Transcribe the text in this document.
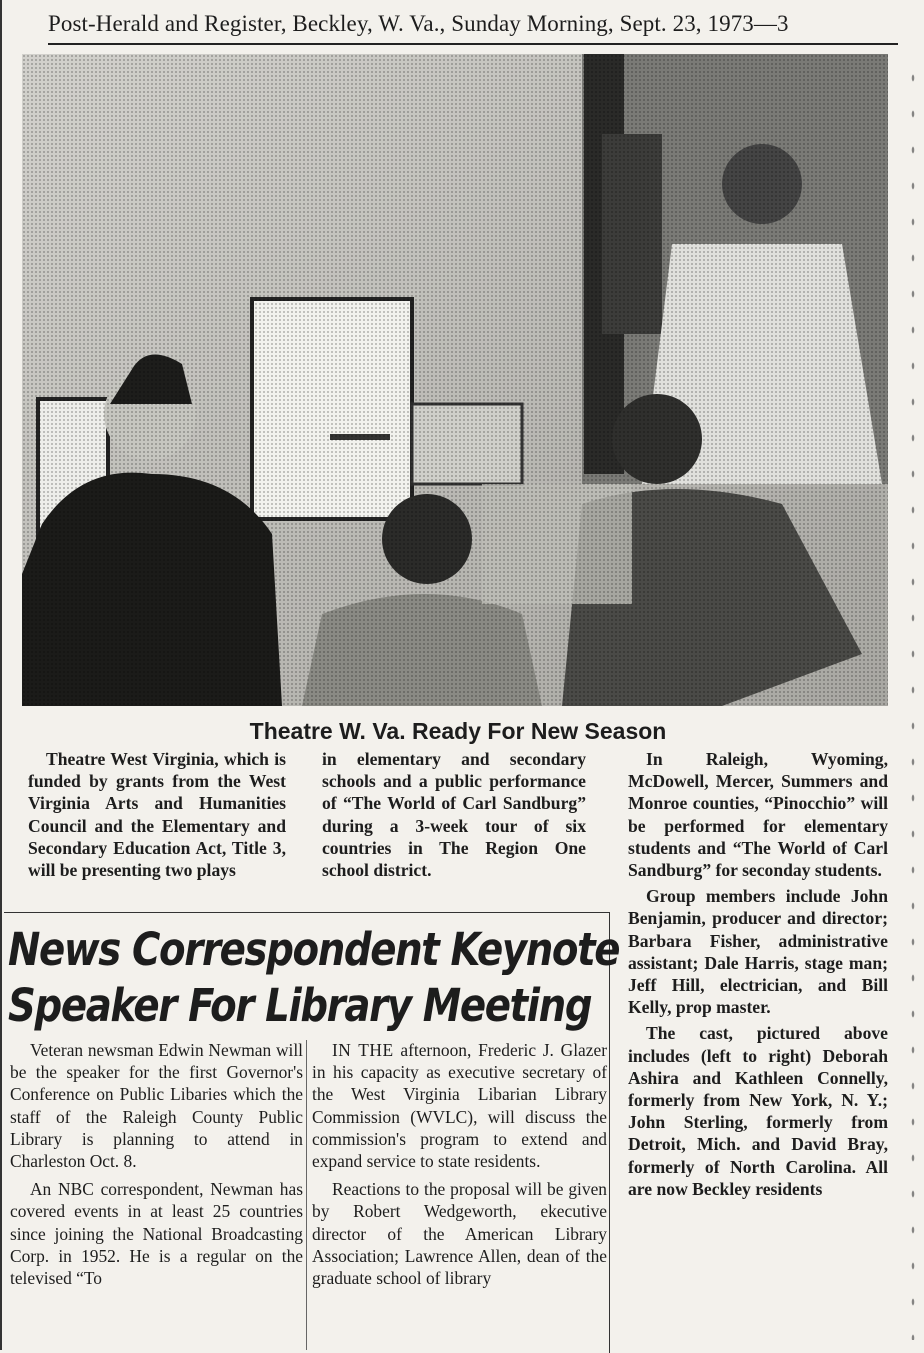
Post-Herald and Register, Beckley, W. Va., Sunday Morning, Sept. 23, 1973—3
Theatre W. Va. Ready For New Season

Theatre West Virginia, which is funded by grants from the West Virginia Arts and Humanities Council and the Elementary and Secondary Education Act, Title 3, will be presenting two plays

in elementary and secondary schools and a public performance of “The World of Carl Sandburg” during a 3-week tour of six countries in The Region One school district.

In Raleigh, Wyoming, McDowell, Mercer, Summers and Monroe counties, “Pinocchio” will be performed for elementary students and “The World of Carl Sandburg” for seconday students.

Group members include John Benjamin, producer and director; Barbara Fisher, administrative assistant; Dale Harris, stage man; Jeff Hill, electrician, and Bill Kelly, prop master.

The cast, pictured above includes (left to right) Deborah Ashira and Kathleen Connelly, formerly from New York, N. Y.; John Sterling, formerly from Detroit, Mich. and David Bray, formerly of North Carolina. All are now Beckley residents

News Correspondent Keynote
Speaker For Library Meeting

Veteran newsman Edwin Newman will be the speaker for the first Governor's Conference on Public Libaries which the staff of the Raleigh County Public Library is planning to attend in Charleston Oct. 8.

An NBC correspondent, Newman has covered events in at least 25 countries since joining the National Broadcasting Corp. in 1952. He is a regular on the televised “To

IN THE afternoon, Frederic J. Glazer in his capacity as executive secretary of the West Virginia Libarian Library Commission (WVLC), will discuss the commission's program to extend and expand service to state residents.

Reactions to the proposal will be given by Robert Wedgeworth, ekecutive director of the American Library Association; Lawrence Allen, dean of the graduate school of library
